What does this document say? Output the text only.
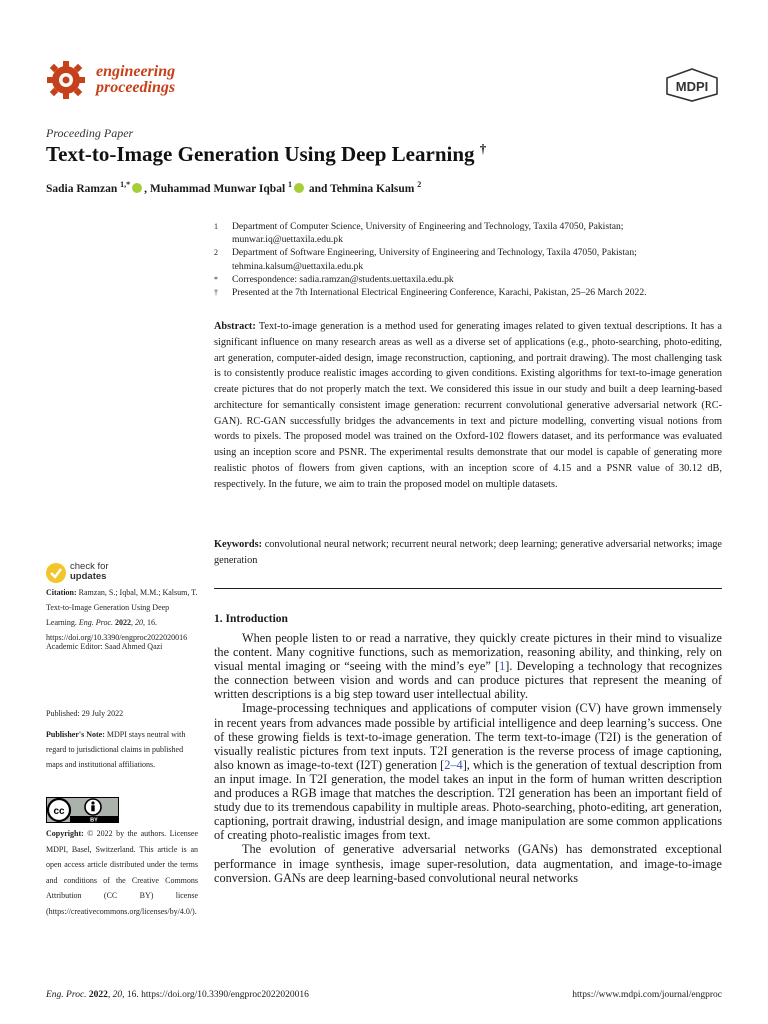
engineering
proceedings	MDPI
Proceeding Paper
Text-to-Image Generation Using Deep Learning †
Sadia Ramzan $^{1,*}$ , Muhammad Munwar Iqbal $^1$ and Tehmina Kalsum $^2$
1	Department of Computer Science, University of Engineering and Technology, Taxila 47050, Pakistan; munwar.iq@uettaxila.edu.pk
2	Department of Software Engineering, University of Engineering and Technology, Taxila 47050, Pakistan; tehmina.kalsum@uettaxila.edu.pk
*	Correspondence: sadia.ramzan@students.uettaxila.edu.pk
†	Presented at the 7th International Electrical Engineering Conference, Karachi, Pakistan, 25–26 March 2022.
Abstract: Text-to-image generation is a method used for generating images related to given textual descriptions. It has a significant influence on many research areas as well as a diverse set of applications (e.g., photo-searching, photo-editing, art generation, computer-aided design, image reconstruction, captioning, and portrait drawing). The most challenging task is to consistently produce realistic images according to given conditions. Existing algorithms for text-to-image generation create pictures that do not properly match the text. We considered this issue in our study and built a deep learning-based architecture for semantically consistent image generation: recurrent convolutional generative adversarial network (RC-GAN). RC-GAN successfully bridges the advancements in text and picture modelling, converting visual notions from words to pixels. The proposed model was trained on the Oxford-102 flowers dataset, and its performance was evaluated using an inception score and PSNR. The experimental results demonstrate that our model is capable of generating more realistic photos of flowers from given captions, with an inception score of 4.15 and a PSNR value of 30.12 dB, respectively. In the future, we aim to train the proposed model on multiple datasets.
Keywords: convolutional neural network; recurrent neural network; deep learning; generative adversarial networks; image generation
check for
updates
Citation: Ramzan, S.; Iqbal, M.M.; Kalsum, T. Text-to-Image Generation Using Deep Learning. Eng. Proc. 2022, 20, 16. https://doi.org/10.3390/engproc2022020016
Academic Editor: Saad Ahmed Qazi
Published: 29 July 2022
Publisher's Note: MDPI stays neutral with regard to jurisdictional claims in published maps and institutional affiliations.
cc
BY
Copyright: © 2022 by the authors. Licensee MDPI, Basel, Switzerland. This article is an open access article distributed under the terms and conditions of the Creative Commons Attribution (CC BY) license (https://creativecommons.org/licenses/by/4.0/).
1. Introduction

When people listen to or read a narrative, they quickly create pictures in their mind to visualize the content. Many cognitive functions, such as memorization, reasoning ability, and thinking, rely on visual mental imaging or “seeing with the mind’s eye” [1]. Developing a technology that recognizes the connection between vision and words and can produce pictures that represent the meaning of written descriptions is a big step toward user intellectual ability.

Image-processing techniques and applications of computer vision (CV) have grown immensely in recent years from advances made possible by artificial intelligence and deep learning’s success. One of these growing fields is text-to-image generation. The term text-to-image (T2I) is the generation of visually realistic pictures from text inputs. T2I generation is the reverse process of image captioning, also known as image-to-text (I2T) generation [2–4], which is the generation of textual description from an input image. In T2I generation, the model takes an input in the form of human written description and produces a RGB image that matches the description. T2I generation has been an important field of study due to its tremendous capability in multiple areas. Photo-searching, photo-editing, art generation, captioning, portrait drawing, industrial design, and image manipulation are some common applications of creating photo-realistic images from text.

The evolution of generative adversarial networks (GANs) has demonstrated exceptional performance in image synthesis, image super-resolution, data augmentation, and image-to-image conversion. GANs are deep learning-based convolutional neural networks

Eng. Proc. 2022, 20, 16. https://doi.org/10.3390/engproc2022020016	https://www.mdpi.com/journal/engproc
